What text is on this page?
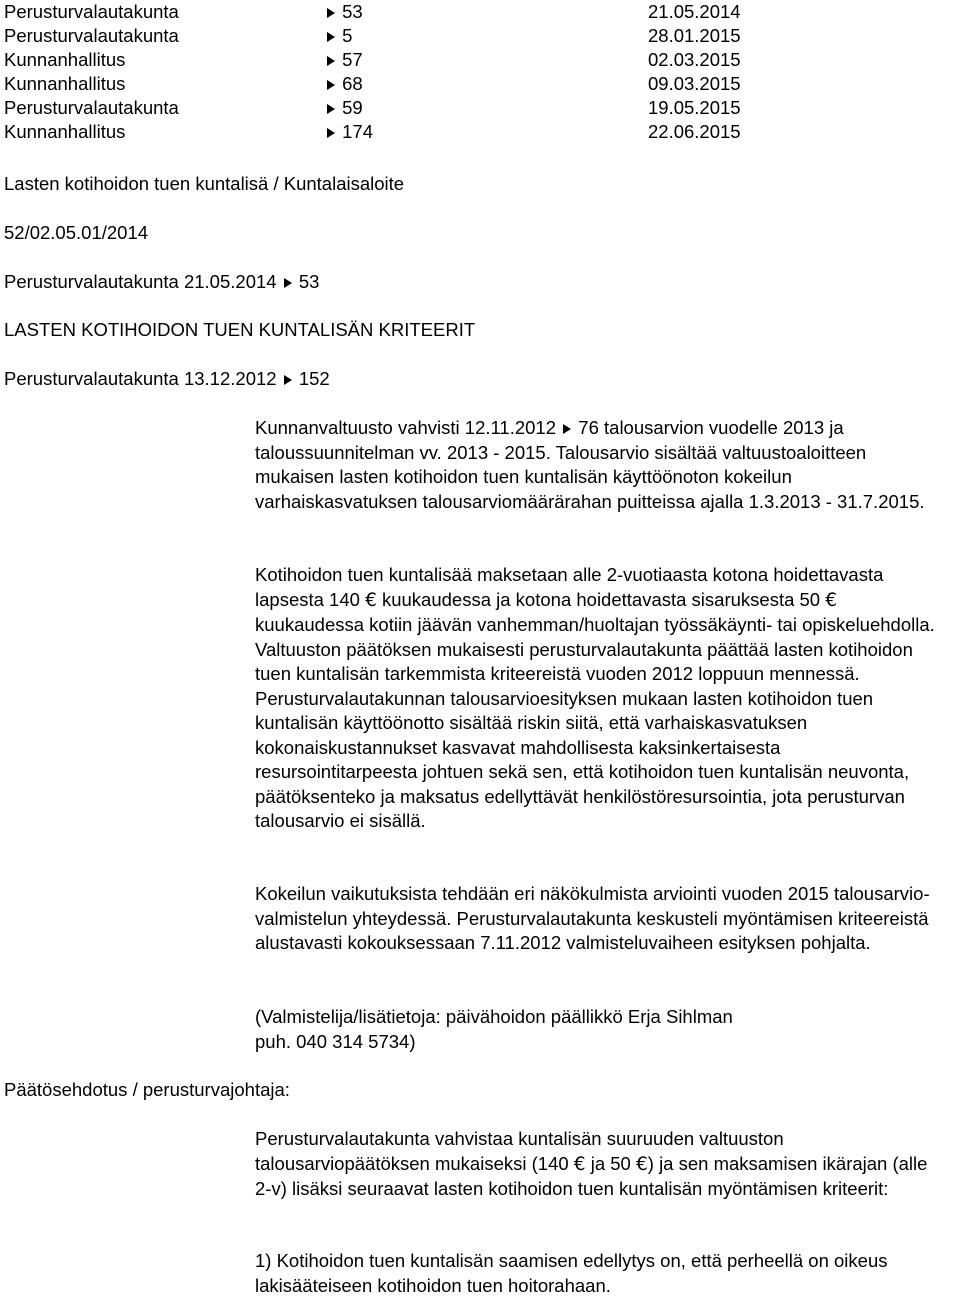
Perusturvalautakunta	53	21.05.2014
Perusturvalautakunta	5	28.01.2015
Kunnanhallitus	57	02.03.2015
Kunnanhallitus	68	09.03.2015
Perusturvalautakunta	59	19.05.2015
Kunnanhallitus	174	22.06.2015
Lasten kotihoidon tuen kuntalisä / Kuntalaisaloite
52/02.05.01/2014
Perusturvalautakunta 21.05.2014 53
LASTEN KOTIHOIDON TUEN KUNTALISÄN KRITEERIT
Perusturvalautakunta 13.12.2012 152

Kunnanvaltuusto vahvisti 12.11.2012 76 talousarvion vuodelle 2013 ja taloussuunnitelman vv. 2013 - 2015. Talousarvio sisältää valtuustoaloitteen mukaisen lasten kotihoidon tuen kuntalisän käyttöönoton kokeilun varhaiskasvatuksen talousarviomäärärahan puitteissa ajalla 1.3.2013 - 31.7.2015.

Kotihoidon tuen kuntalisää maksetaan alle 2-vuotiaasta kotona hoidettavasta lapsesta 140 € kuukaudessa ja kotona hoidettavasta sisaruksesta 50 € kuukaudessa kotiin jäävän vanhemman/huoltajan työssäkäynti- tai opiskeluehdolla. Valtuuston päätöksen mukaisesti perusturvalautakunta päättää lasten kotihoidon tuen kuntalisän tarkemmista kriteereistä vuoden 2012 loppuun mennessä. Perusturvalautakunnan talousarvioesityksen mukaan lasten kotihoidon tuen kuntalisän käyttöönotto sisältää riskin siitä, että varhaiskasvatuksen kokonaiskustannukset kasvavat mahdollisesta kaksinkertaisesta resursointitarpeesta johtuen sekä sen, että kotihoidon tuen kuntalisän neuvonta, päätöksenteko ja maksatus edellyttävät henkilöstöresursointia, jota perusturvan talousarvio ei sisällä.

Kokeilun vaikutuksista tehdään eri näkökulmista arviointi vuoden 2015 talousarvio- valmistelun yhteydessä. Perusturvalautakunta keskusteli myöntämisen kriteereistä alustavasti kokouksessaan 7.11.2012 valmisteluvaiheen esityksen pohjalta.

(Valmistelija/lisätietoja: päivähoidon päällikkö Erja Sihlman

puh. 040 314 5734)

Päätösehdotus / perusturvajohtaja:

Perusturvalautakunta vahvistaa kuntalisän suuruuden valtuuston talousarviopäätöksen mukaiseksi (140 € ja 50 €) ja sen maksamisen ikärajan (alle 2-v) lisäksi seuraavat lasten kotihoidon tuen kuntalisän myöntämisen kriteerit:

1) Kotihoidon tuen kuntalisän saamisen edellytys on, että perheellä on oikeus lakisääteiseen kotihoidon tuen hoitorahaan.
